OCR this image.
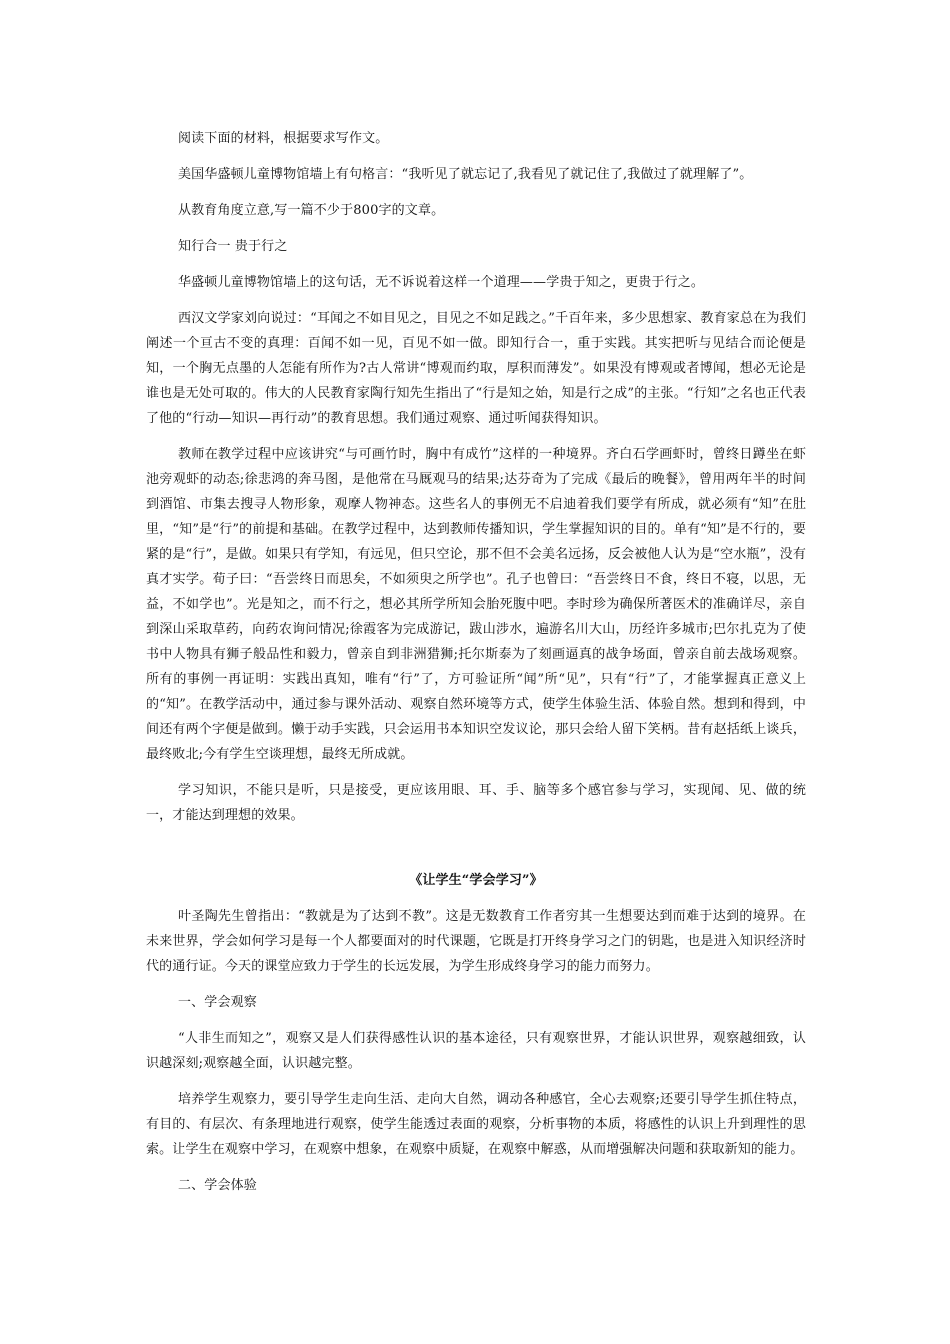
阅读下面的材料，根据要求写作文。

美国华盛顿儿童博物馆墙上有句格言：“我听见了就忘记了,我看见了就记住了,我做过了就理解了”。

从教育角度立意,写一篇不少于800字的文章。

知行合一 贵于行之

华盛顿儿童博物馆墙上的这句话，无不诉说着这样一个道理——学贵于知之，更贵于行之。

西汉文学家刘向说过：“耳闻之不如目见之，目见之不如足践之。”千百年来，多少思想家、教育家总在为我们阐述一个亘古不变的真理：百闻不如一见，百见不如一做。即知行合一，重于实践。其实把听与见结合而论便是知，一个胸无点墨的人怎能有所作为?古人常讲“博观而约取，厚积而薄发”。如果没有博观或者博闻，想必无论是谁也是无处可取的。伟大的人民教育家陶行知先生指出了“行是知之始，知是行之成”的主张。“行知”之名也正代表了他的“行动—知识—再行动”的教育思想。我们通过观察、通过听闻获得知识。

教师在教学过程中应该讲究“与可画竹时，胸中有成竹”这样的一种境界。齐白石学画虾时，曾终日蹲坐在虾池旁观虾的动态;徐悲鸿的奔马图，是他常在马厩观马的结果;达芬奇为了完成《最后的晚餐》，曾用两年半的时间到酒馆、市集去搜寻人物形象，观摩人物神态。这些名人的事例无不启迪着我们要学有所成，就必须有“知”在肚里，“知”是“行”的前提和基础。在教学过程中，达到教师传播知识，学生掌握知识的目的。单有“知”是不行的，要紧的是“行”，是做。如果只有学知，有远见，但只空论，那不但不会美名远扬，反会被他人认为是“空水瓶”，没有真才实学。荀子曰：“吾尝终日而思矣，不如须臾之所学也”。孔子也曾曰：“吾尝终日不食，终日不寝，以思，无益，不如学也”。光是知之，而不行之，想必其所学所知会胎死腹中吧。李时珍为确保所著医术的准确详尽，亲自到深山采取草药，向药农询问情况;徐霞客为完成游记，跋山涉水，遍游名川大山，历经许多城市;巴尔扎克为了使书中人物具有狮子般品性和毅力，曾亲自到非洲猎狮;托尔斯泰为了刻画逼真的战争场面，曾亲自前去战场观察。所有的事例一再证明：实践出真知，唯有“行”了，方可验证所“闻”所“见”，只有“行”了，才能掌握真正意义上的“知”。在教学活动中，通过参与课外活动、观察自然环境等方式，使学生体验生活、体验自然。想到和得到，中间还有两个字便是做到。懒于动手实践，只会运用书本知识空发议论，那只会给人留下笑柄。昔有赵括纸上谈兵，最终败北;今有学生空谈理想，最终无所成就。

学习知识，不能只是听，只是接受，更应该用眼、耳、手、脑等多个感官参与学习，实现闻、见、做的统一，才能达到理想的效果。

《让学生“学会学习”》

叶圣陶先生曾指出：“教就是为了达到不教”。这是无数教育工作者穷其一生想要达到而难于达到的境界。在未来世界，学会如何学习是每一个人都要面对的时代课题，它既是打开终身学习之门的钥匙，也是进入知识经济时代的通行证。今天的课堂应致力于学生的长远发展，为学生形成终身学习的能力而努力。

一、学会观察

“人非生而知之”，观察又是人们获得感性认识的基本途径，只有观察世界，才能认识世界，观察越细致，认识越深刻;观察越全面，认识越完整。

培养学生观察力，要引导学生走向生活、走向大自然，调动各种感官，全心去观察;还要引导学生抓住特点，有目的、有层次、有条理地进行观察，使学生能透过表面的观察，分析事物的本质，将感性的认识上升到理性的思索。让学生在观察中学习，在观察中想象，在观察中质疑，在观察中解惑，从而增强解决问题和获取新知的能力。

二、学会体验
